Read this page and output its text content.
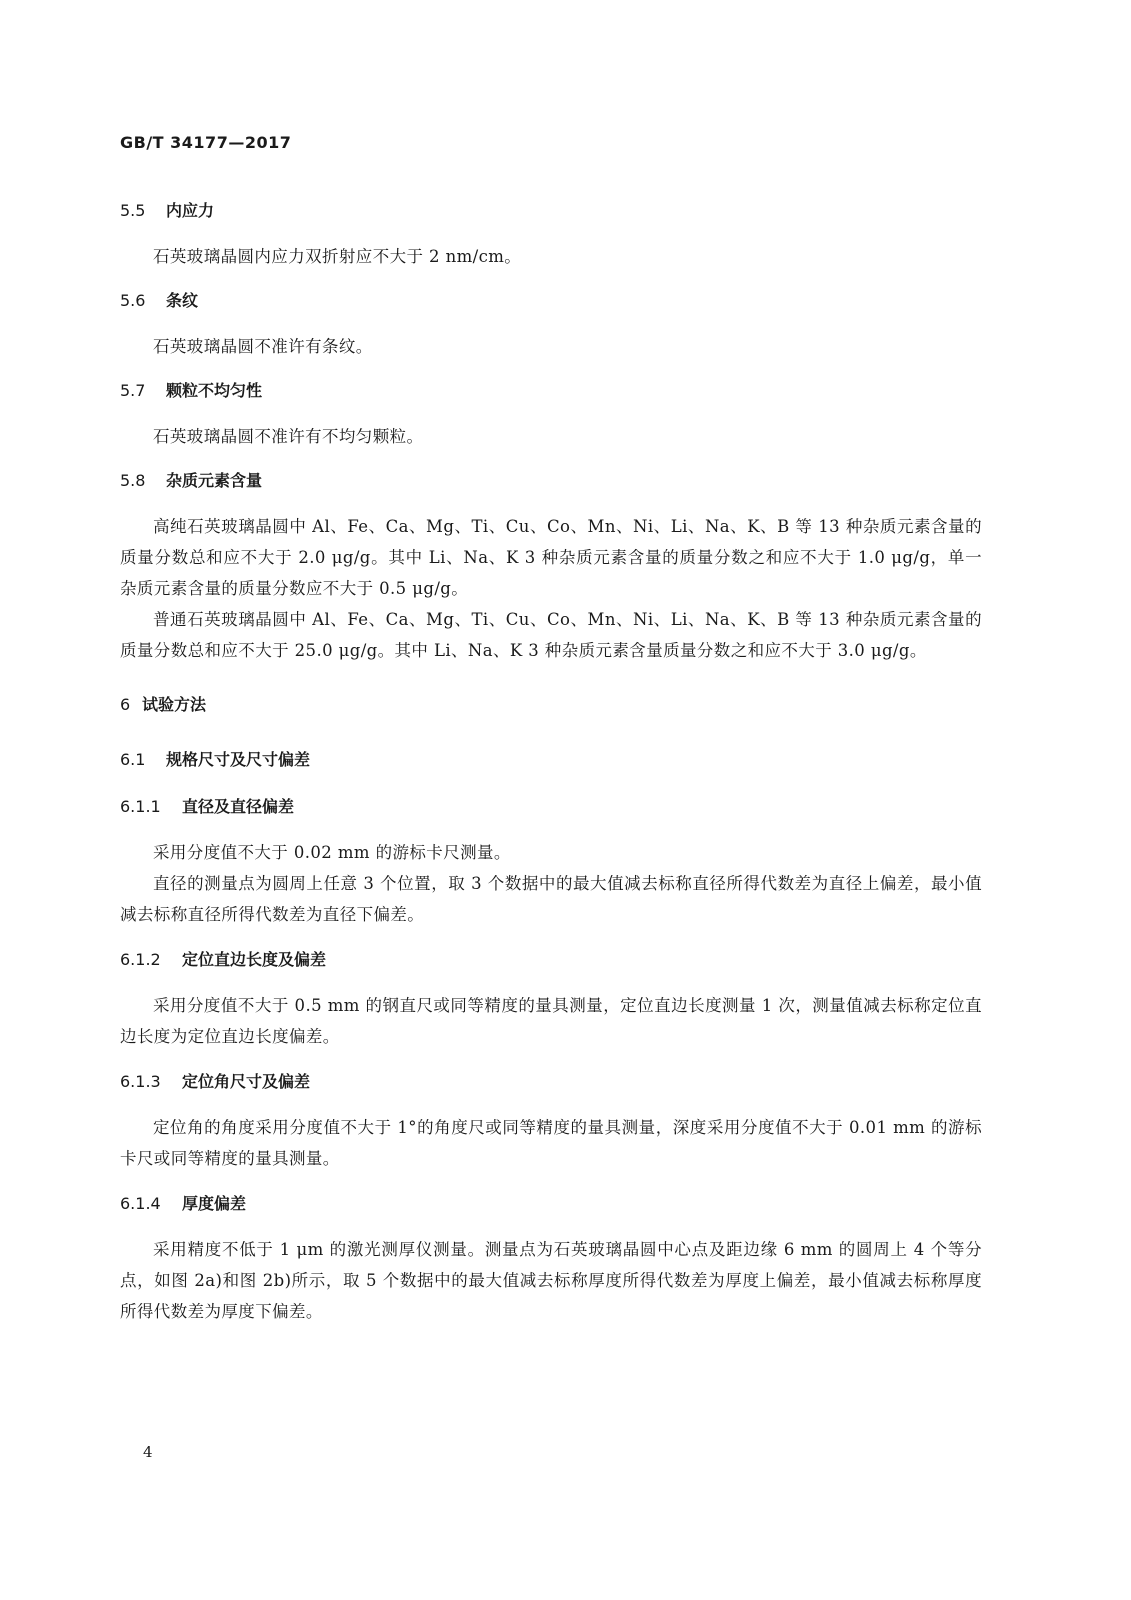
GB/T 34177—2017
5.5 内应力
石英玻璃晶圆内应力双折射应不大于 2 nm/cm。
5.6 条纹
石英玻璃晶圆不准许有条纹。
5.7 颗粒不均匀性
石英玻璃晶圆不准许有不均匀颗粒。
5.8 杂质元素含量
高纯石英玻璃晶圆中 Al、Fe、Ca、Mg、Ti、Cu、Co、Mn、Ni、Li、Na、K、B 等 13 种杂质元素含量的质量分数总和应不大于 2.0 μg/g。其中 Li、Na、K 3 种杂质元素含量的质量分数之和应不大于 1.0 μg/g，单一杂质元素含量的质量分数应不大于 0.5 μg/g。
普通石英玻璃晶圆中 Al、Fe、Ca、Mg、Ti、Cu、Co、Mn、Ni、Li、Na、K、B 等 13 种杂质元素含量的质量分数总和应不大于 25.0 μg/g。其中 Li、Na、K 3 种杂质元素含量质量分数之和应不大于 3.0 μg/g。
6 试验方法
6.1 规格尺寸及尺寸偏差
6.1.1 直径及直径偏差
采用分度值不大于 0.02 mm 的游标卡尺测量。
直径的测量点为圆周上任意 3 个位置，取 3 个数据中的最大值减去标称直径所得代数差为直径上偏差，最小值减去标称直径所得代数差为直径下偏差。
6.1.2 定位直边长度及偏差
采用分度值不大于 0.5 mm 的钢直尺或同等精度的量具测量，定位直边长度测量 1 次，测量值减去标称定位直边长度为定位直边长度偏差。
6.1.3 定位角尺寸及偏差
定位角的角度采用分度值不大于 1°的角度尺或同等精度的量具测量，深度采用分度值不大于 0.01 mm 的游标卡尺或同等精度的量具测量。
6.1.4 厚度偏差
采用精度不低于 1 μm 的激光测厚仪测量。测量点为石英玻璃晶圆中心点及距边缘 6 mm 的圆周上 4 个等分点，如图 2a)和图 2b)所示，取 5 个数据中的最大值减去标称厚度所得代数差为厚度上偏差，最小值减去标称厚度所得代数差为厚度下偏差。
4
